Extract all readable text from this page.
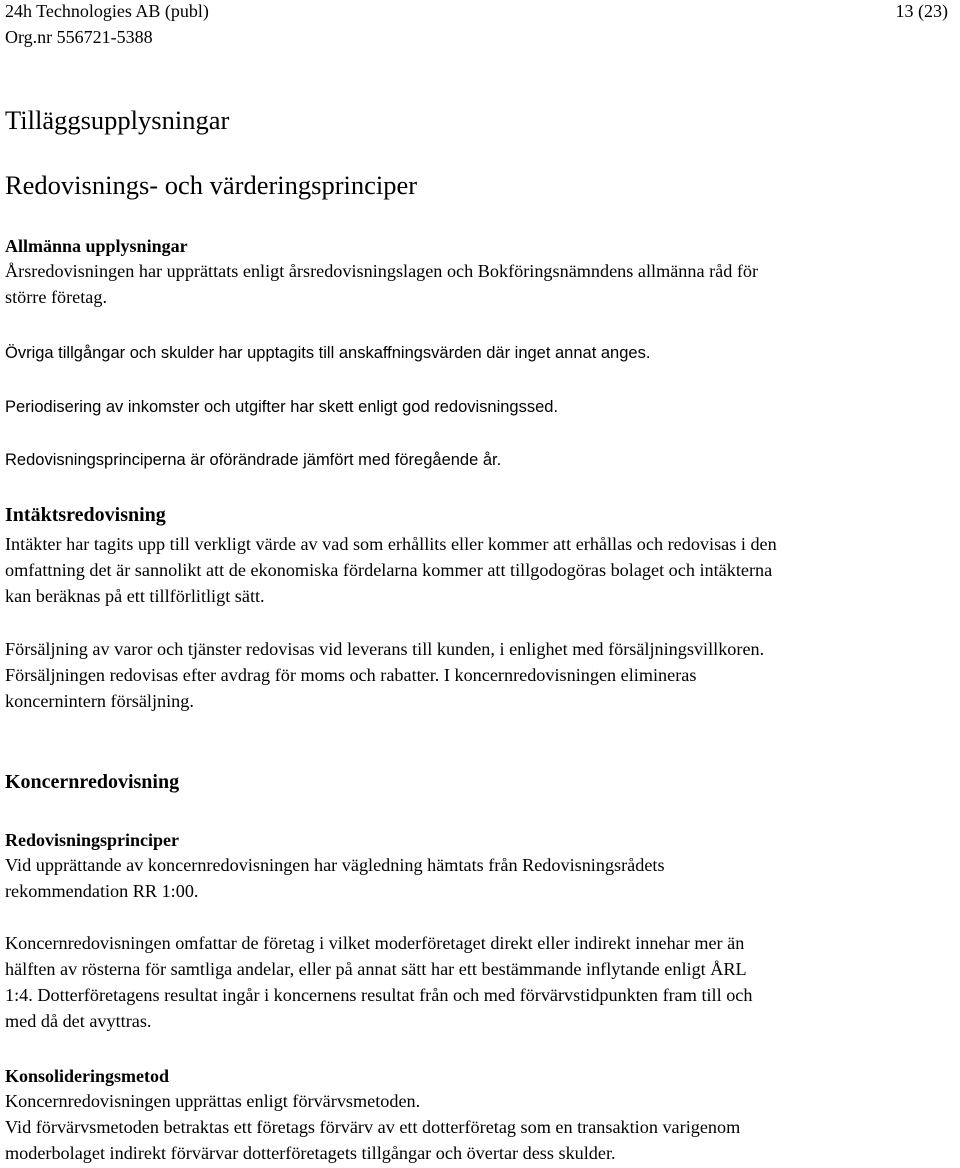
24h Technologies AB (publ)
Org.nr 556721-5388
13 (23)
Tilläggsupplysningar
Redovisnings- och värderingsprinciper
Allmänna upplysningar
Årsredovisningen har upprättats enligt årsredovisningslagen och Bokföringsnämndens allmänna råd för
större företag.
Övriga tillgångar och skulder har upptagits till anskaffningsvärden där inget annat anges.
Periodisering av inkomster och utgifter har skett enligt god redovisningssed.
Redovisningsprinciperna är oförändrade jämfört med föregående år.
Intäktsredovisning
Intäkter har tagits upp till verkligt värde av vad som erhållits eller kommer att erhållas och redovisas i den
omfattning det är sannolikt att de ekonomiska fördelarna kommer att tillgodogöras bolaget och intäkterna
kan beräknas på ett tillförlitligt sätt.
Försäljning av varor och tjänster redovisas vid leverans till kunden, i enlighet med försäljningsvillkoren.
Försäljningen redovisas efter avdrag för moms och rabatter. I koncernredovisningen elimineras
koncernintern försäljning.
Koncernredovisning
Redovisningsprinciper
Vid upprättande av koncernredovisningen har vägledning hämtats från Redovisningsrådets
rekommendation RR 1:00.
Koncernredovisningen omfattar de företag i vilket moderföretaget direkt eller indirekt innehar mer än
hälften av rösterna för samtliga andelar, eller på annat sätt har ett bestämmande inflytande enligt ÅRL
1:4. Dotterföretagens resultat ingår i koncernens resultat från och med förvärvstidpunkten fram till och
med då det avyttras.
Konsolideringsmetod
Koncernredovisningen upprättas enligt förvärvsmetoden.
Vid förvärvsmetoden betraktas ett företags förvärv av ett dotterföretag som en transaktion varigenom
moderbolaget indirekt förvärvar dotterföretagets tillgångar och övertar dess skulder.
